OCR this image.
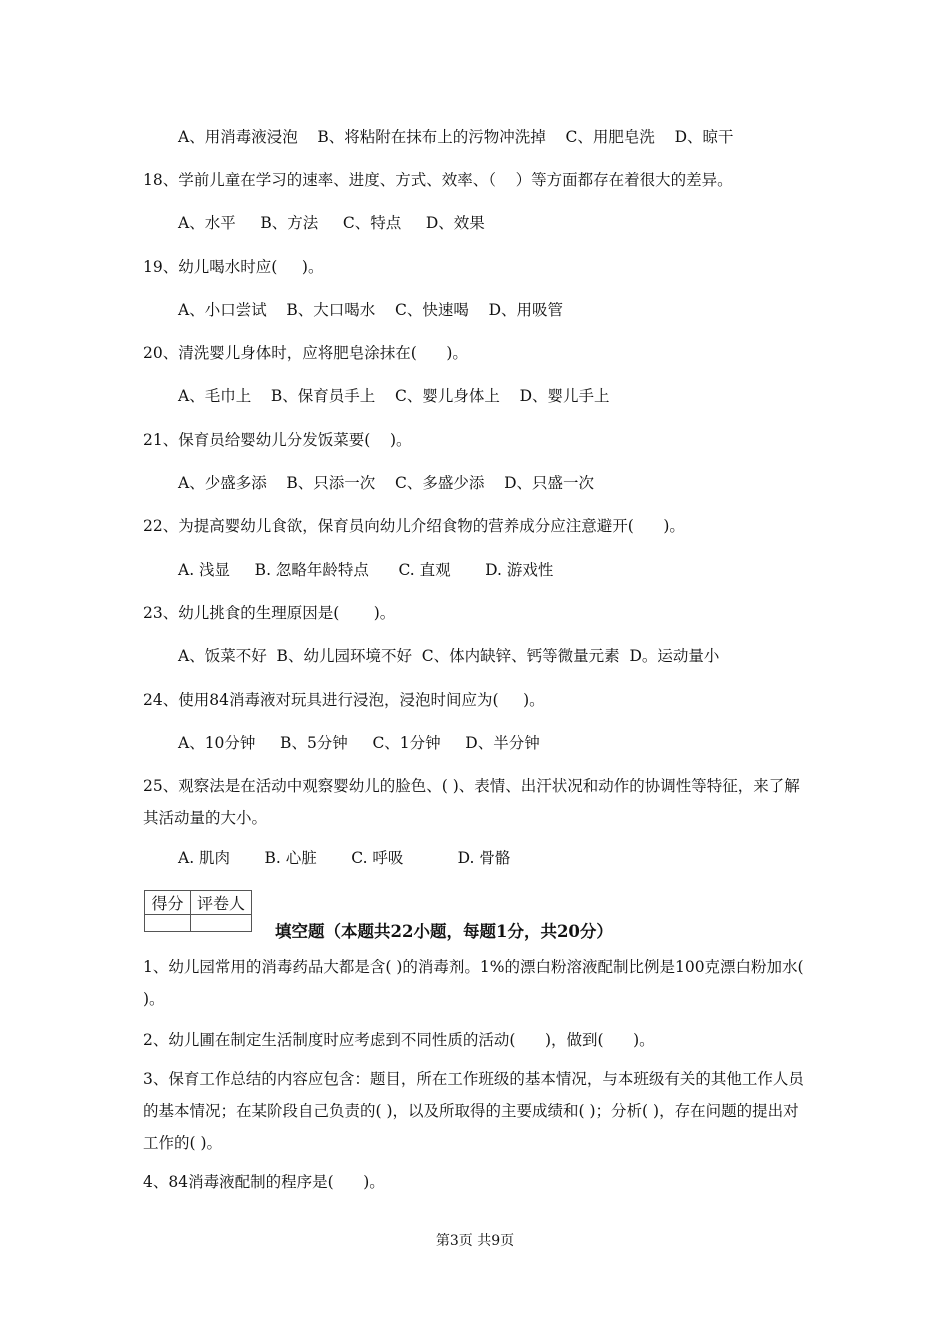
A、用消毒液浸泡    B、将粘附在抹布上的污物冲洗掉    C、用肥皂洗    D、晾干
18、学前儿童在学习的速率、进度、方式、效率、（    ）等方面都存在着很大的差异。
A、水平     B、方法     C、特点     D、效果
19、幼儿喝水时应(     )。
A、小口尝试    B、大口喝水    C、快速喝    D、用吸管
20、清洗婴儿身体时，应将肥皂涂抹在(      )。
A、毛巾上    B、保育员手上    C、婴儿身体上    D、婴儿手上
21、保育员给婴幼儿分发饭菜要(    )。
A、少盛多添    B、只添一次    C、多盛少添    D、只盛一次
22、为提高婴幼儿食欲，保育员向幼儿介绍食物的营养成分应注意避开(      )。
A. 浅显     B. 忽略年龄特点      C. 直观       D. 游戏性
23、幼儿挑食的生理原因是(       )。
A、饭菜不好  B、幼儿园环境不好  C、体内缺锌、钙等微量元素  D。运动量小
24、使用84消毒液对玩具进行浸泡，浸泡时间应为(     )。
A、10分钟     B、5分钟     C、1分钟     D、半分钟
A. 肌肉       B. 心脏       C. 呼吸           D. 骨骼
2、幼儿圃在制定生活制度时应考虑到不同性质的活动(      )，做到(      )。
4、84消毒液配制的程序是(      )。
25、观察法是在活动中观察婴幼儿的脸色、( )、表情、出汗状况和动作的协调性等特征，来了解其活动量的大小。
1、幼儿园常用的消毒药品大都是含( )的消毒剂。1%的漂白粉溶液配制比例是100克漂白粉加水( )。
3、保育工作总结的内容应包含：题目，所在工作班级的基本情况，与本班级有关的其他工作人员的基本情况；在某阶段自己负责的( )，以及所取得的主要成绩和( )；分析( )，存在问题的提出对工作的( )。
得分 评卷人
填空题（本题共22小题，每题1分，共20分）
第3页 共9页
